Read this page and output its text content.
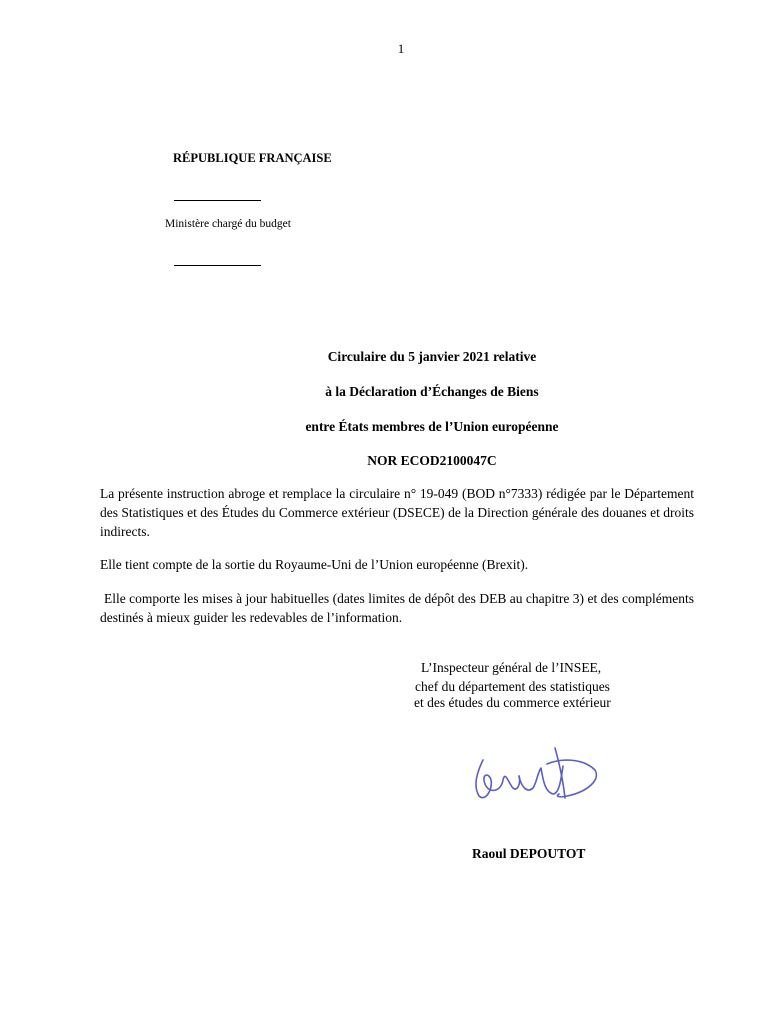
1
RÉPUBLIQUE FRANÇAISE
Ministère chargé du budget
Circulaire du 5 janvier 2021 relative
à la Déclaration d’Échanges de Biens
entre États membres de l’Union européenne
NOR ECOD2100047C

La présente instruction abroge et remplace la circulaire n° 19-049 (BOD n°7333) rédigée par le Département des Statistiques et des Études du Commerce extérieur (DSECE) de la Direction générale des douanes et droits indirects.

Elle tient compte de la sortie du Royaume-Uni de l’Union européenne (Brexit).

Elle comporte les mises à jour habituelles (dates limites de dépôt des DEB au chapitre 3) et des compléments destinés à mieux guider les redevables de l’information.

L’Inspecteur général de l’INSEE,
chef du département des statistiques
et des études du commerce extérieur
Raoul DEPOUTOT
